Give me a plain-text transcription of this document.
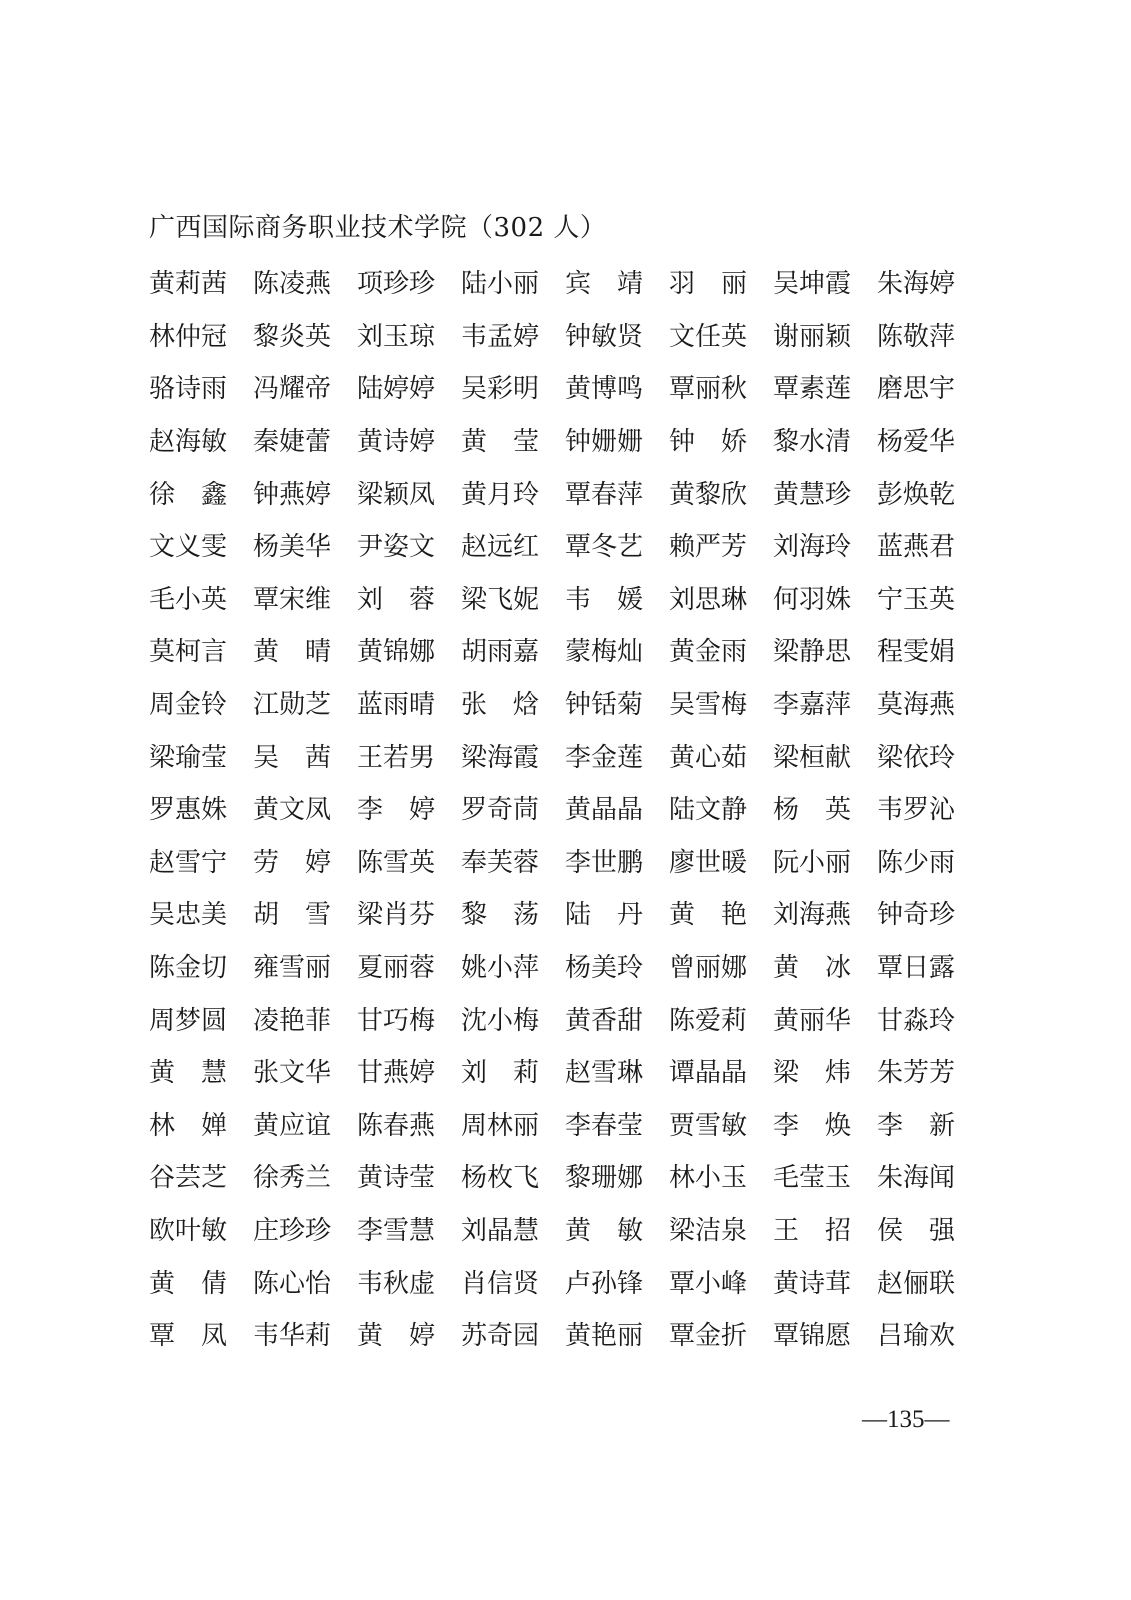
广西国际商务职业技术学院（302 人）
黄莉茜 陈凌燕 项珍珍 陆小丽 宾 靖 羽 丽 吴坤霞 朱海婷
林仲冠 黎炎英 刘玉琼 韦孟婷 钟敏贤 文任英 谢丽颖 陈敬萍
骆诗雨 冯耀帝 陆婷婷 吴彩明 黄博鸣 覃丽秋 覃素莲 磨思宇
赵海敏 秦婕蕾 黄诗婷 黄 莹 钟姗姗 钟 娇 黎水清 杨爱华
徐 鑫 钟燕婷 梁颖凤 黄月玲 覃春萍 黄黎欣 黄慧珍 彭焕乾
文义雯 杨美华 尹姿文 赵远红 覃冬艺 赖严芳 刘海玲 蓝燕君
毛小英 覃宋维 刘 蓉 梁飞妮 韦 媛 刘思琳 何羽姝 宁玉英
莫柯言 黄 晴 黄锦娜 胡雨嘉 蒙梅灿 黄金雨 梁静思 程雯娟
周金铃 江勋芝 蓝雨晴 张 焓 钟铦菊 吴雪梅 李嘉萍 莫海燕
梁瑜莹 吴 茜 王若男 梁海霞 李金莲 黄心茹 梁桓献 梁依玲
罗惠姝 黄文凤 李 婷 罗奇茼 黄晶晶 陆文静 杨 英 韦罗沁
赵雪宁 劳 婷 陈雪英 奉芙蓉 李世鹏 廖世暖 阮小丽 陈少雨
吴忠美 胡 雪 梁肖芬 黎 荡 陆 丹 黄 艳 刘海燕 钟奇珍
陈金切 雍雪丽 夏丽蓉 姚小萍 杨美玲 曾丽娜 黄 冰 覃日露
周梦圆 凌艳菲 甘巧梅 沈小梅 黄香甜 陈爱莉 黄丽华 甘淼玲
黄 慧 张文华 甘燕婷 刘 莉 赵雪琳 谭晶晶 梁 炜 朱芳芳
林 婵 黄应谊 陈春燕 周林丽 李春莹 贾雪敏 李 焕 李 新
谷芸芝 徐秀兰 黄诗莹 杨枚飞 黎珊娜 林小玉 毛莹玉 朱海闻
欧叶敏 庄珍珍 李雪慧 刘晶慧 黄 敏 梁洁泉 王 招 侯 强
黄 倩 陈心怡 韦秋虚 肖信贤 卢孙锋 覃小峰 黄诗茸 赵俪联
覃 凤 韦华莉 黄 婷 苏奇园 黄艳丽 覃金折 覃锦愿 吕瑜欢
—135—
